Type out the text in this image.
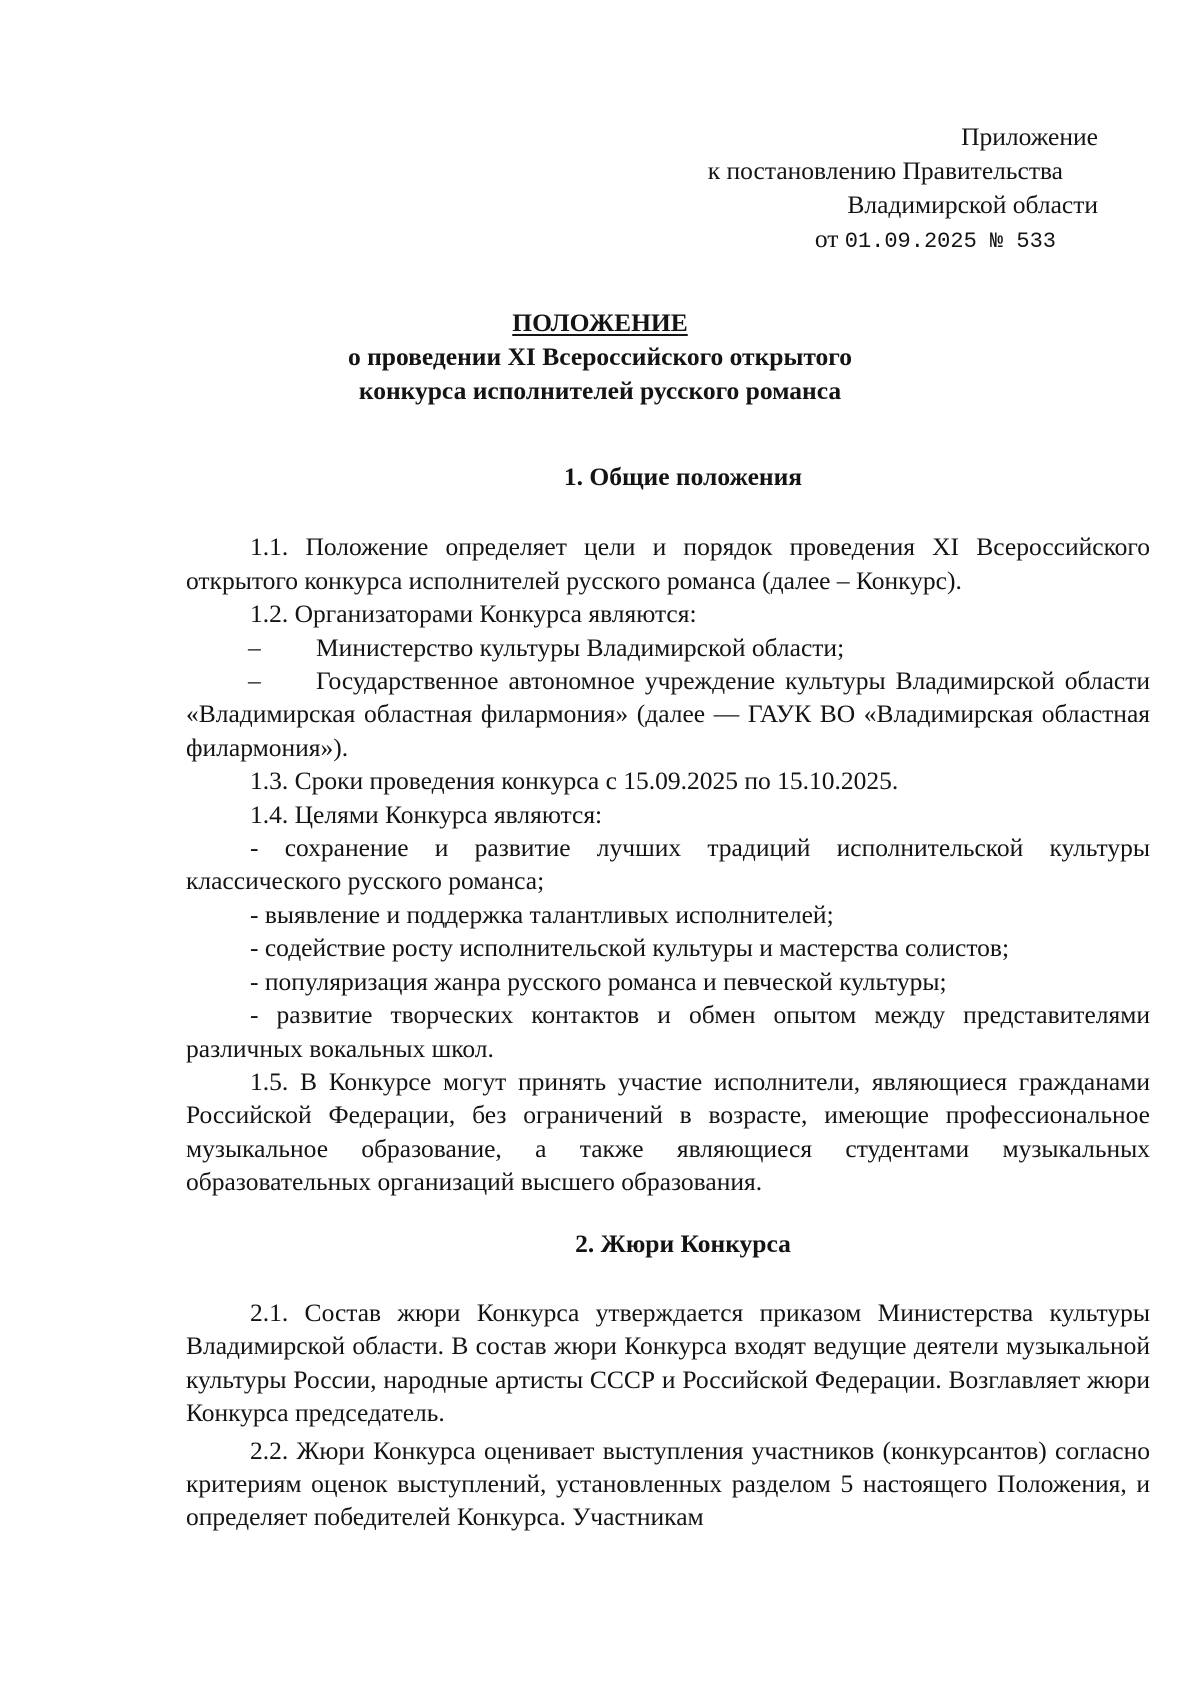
Приложение
к постановлению Правительства
Владимирской области
от 01.09.2025 № 533
ПОЛОЖЕНИЕ
о проведении XI Всероссийского открытого
конкурса исполнителей русского романса

1. Общие положения

1.1. Положение определяет цели и порядок проведения XI Всероссийского открытого конкурса исполнителей русского романса (далее – Конкурс).

1.2. Организаторами Конкурса являются:

– Министерство культуры Владимирской области;

– Государственное автономное учреждение культуры Владимирской области «Владимирская областная филармония» (далее — ГАУК ВО «Владимирская областная филармония»).

1.3. Сроки проведения конкурса с 15.09.2025 по 15.10.2025.

1.4. Целями Конкурса являются:

- сохранение и развитие лучших традиций исполнительской культуры классического русского романса;

- выявление и поддержка талантливых исполнителей;

- содействие росту исполнительской культуры и мастерства солистов;

- популяризация жанра русского романса и певческой культуры;

- развитие творческих контактов и обмен опытом между представителями различных вокальных школ.

1.5. В Конкурсе могут принять участие исполнители, являющиеся гражданами Российской Федерации, без ограничений в возрасте, имеющие профессиональное музыкальное образование, а также являющиеся студентами музыкальных образовательных организаций высшего образования.

2. Жюри Конкурса

2.1. Состав жюри Конкурса утверждается приказом Министерства культуры Владимирской области. В состав жюри Конкурса входят ведущие деятели музыкальной культуры России, народные артисты СССР и Российской Федерации. Возглавляет жюри Конкурса председатель.

2.2. Жюри Конкурса оценивает выступления участников (конкурсантов) согласно критериям оценок выступлений, установленных разделом 5 настоящего Положения, и определяет победителей Конкурса. Участникам
